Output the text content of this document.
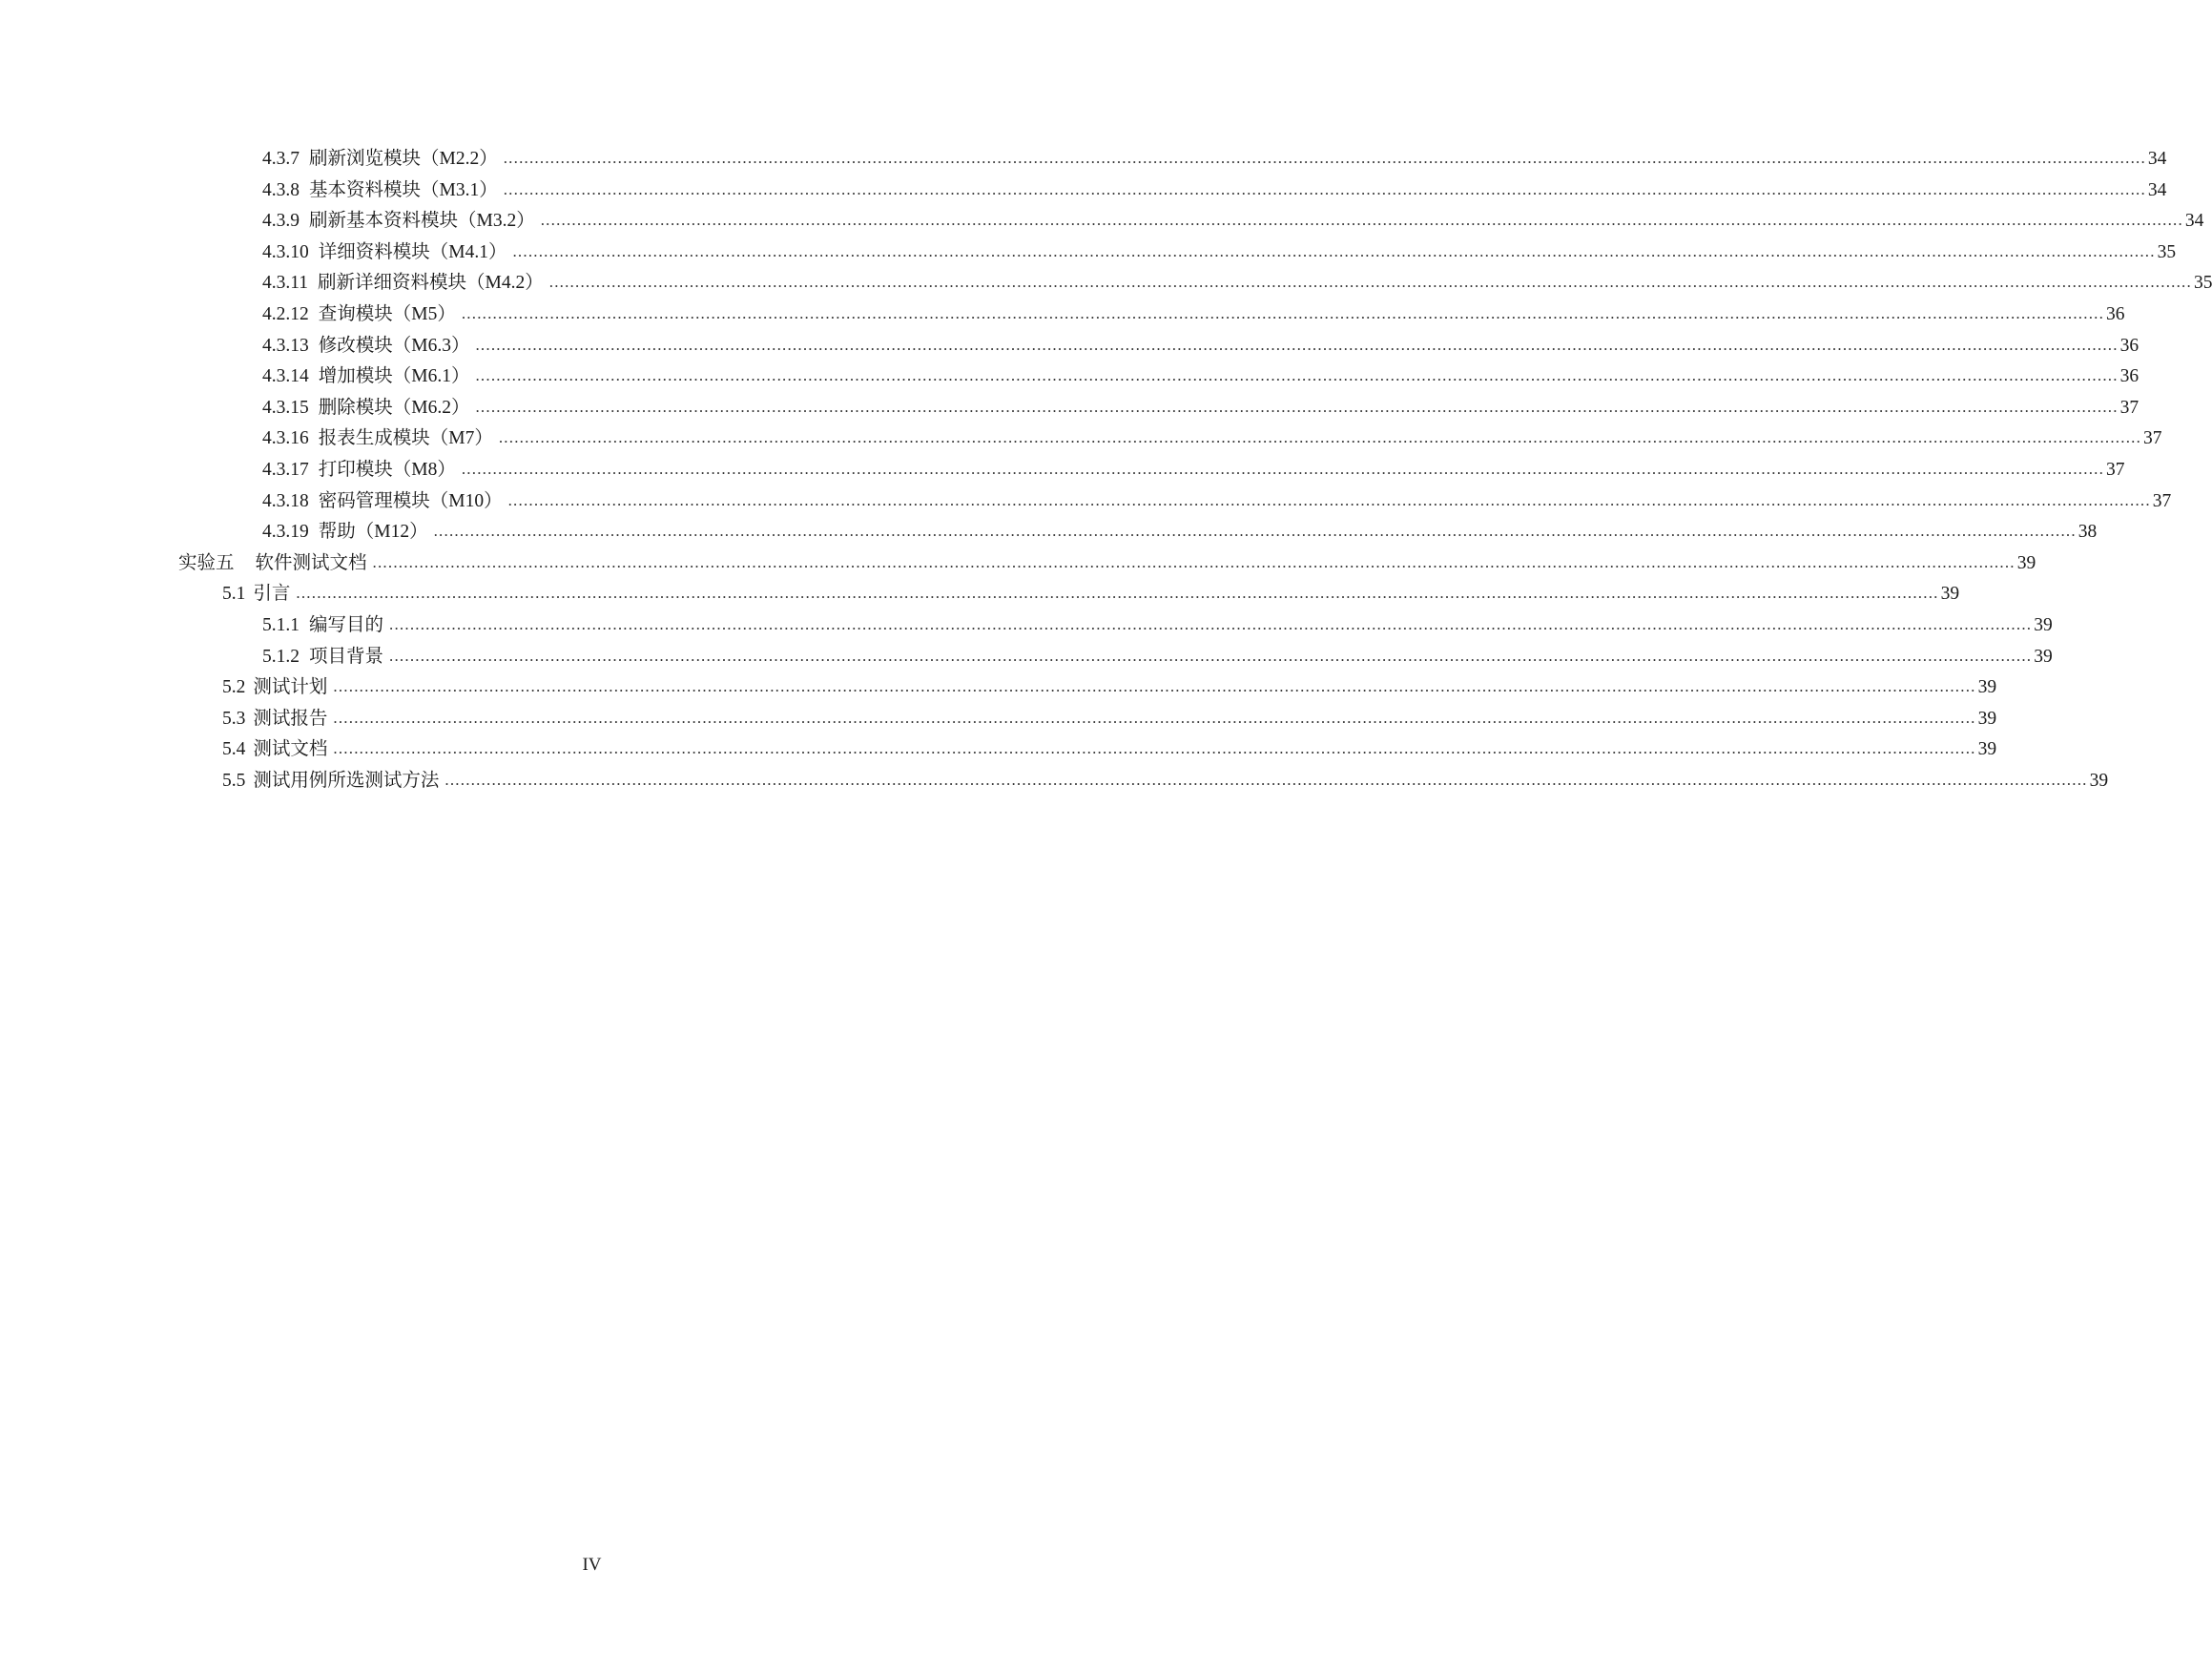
4.3.7 刷新浏览模块（M2.2） .....	34
4.3.8 基本资料模块（M3.1） .....	34
4.3.9 刷新基本资料模块（M3.2） .....	34
4.3.10 详细资料模块（M4.1） .....	35
4.3.11 刷新详细资料模块（M4.2） .....	35
4.2.12 查询模块（M5） .....	36
4.3.13 修改模块（M6.3） .....	36
4.3.14 增加模块（M6.1） .....	36
4.3.15 删除模块（M6.2） .....	37
4.3.16 报表生成模块（M7） .....	37
4.3.17 打印模块（M8） .....	37
4.3.18 密码管理模块（M10） .....	37
4.3.19 帮助（M12） .....	38
实验五 软件测试文档 .....	39
5.1 引言 .....	39
5.1.1 编写目的 .....	39
5.1.2 项目背景 .....	39
5.2 测试计划 .....	39
5.3 测试报告 .....	39
5.4 测试文档 .....	39
5.5 测试用例所选测试方法 .....	39
IV
